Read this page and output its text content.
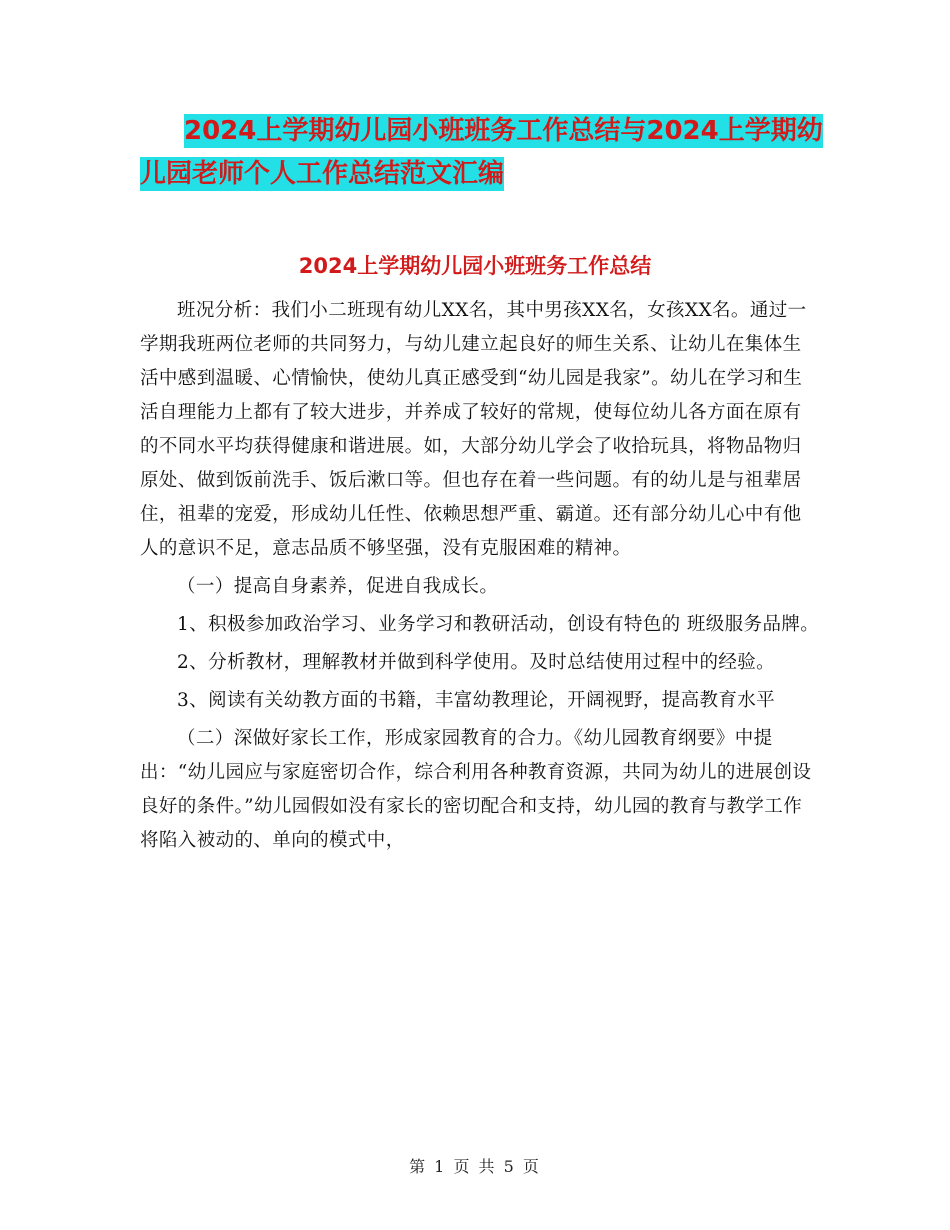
2024上学期幼儿园小班班务工作总结与2024上学期幼
儿园老师个人工作总结范文汇编
2024上学期幼儿园小班班务工作总结

班况分析：我们小二班现有幼儿XX名，其中男孩XX名，女孩XX名。通过一学期我班两位老师的共同努力，与幼儿建立起良好的师生关系、让幼儿在集体生活中感到温暖、心情愉快，使幼儿真正感受到“幼儿园是我家”。幼儿在学习和生活自理能力上都有了较大进步，并养成了较好的常规，使每位幼儿各方面在原有的不同水平均获得健康和谐进展。如，大部分幼儿学会了收拾玩具，将物品物归原处、做到饭前洗手、饭后漱口等。但也存在着一些问题。有的幼儿是与祖辈居住，祖辈的宠爱，形成幼儿任性、依赖思想严重、霸道。还有部分幼儿心中有他人的意识不足，意志品质不够坚强，没有克服困难的精神。

（一）提高自身素养，促进自我成长。

1、积极参加政治学习、业务学习和教研活动，创设有特色的 班级服务品牌。

2、分析教材，理解教材并做到科学使用。及时总结使用过程中的经验。

3、阅读有关幼教方面的书籍，丰富幼教理论，开阔视野，提高教育水平

（二）深做好家长工作，形成家园教育的合力。《幼儿园教育纲要》中提出：“幼儿园应与家庭密切合作，综合利用各种教育资源，共同为幼儿的进展创设良好的条件。”幼儿园假如没有家长的密切配合和支持，幼儿园的教育与教学工作将陷入被动的、单向的模式中，

第 1 页 共 5 页
